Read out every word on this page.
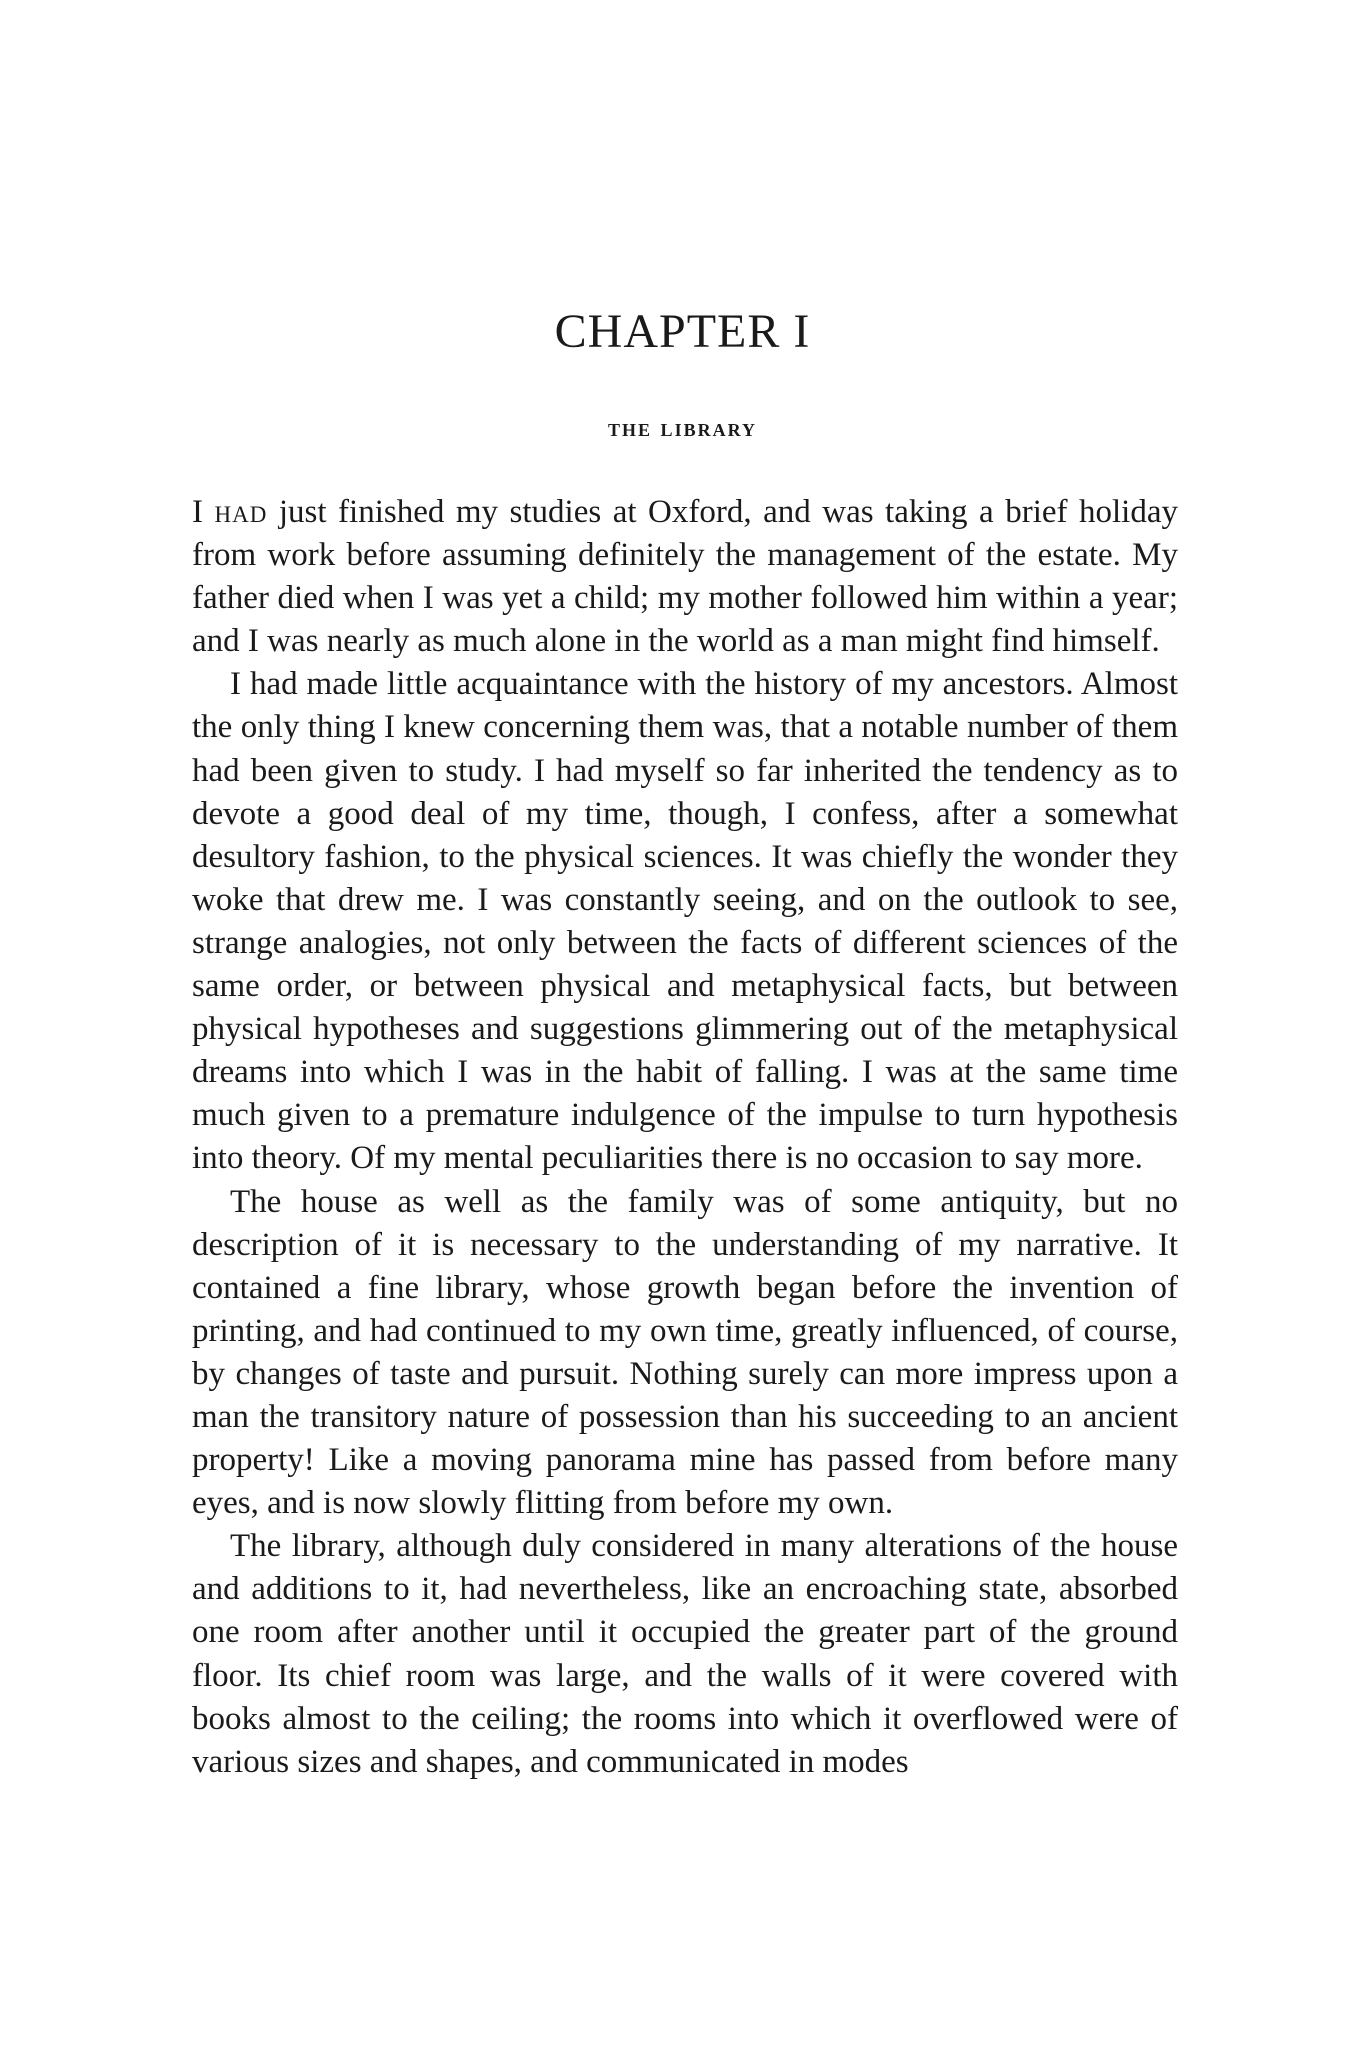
CHAPTER I
the library

I had just finished my studies at Oxford, and was taking a brief holiday from work before assuming definitely the management of the estate. My father died when I was yet a child; my mother followed him within a year; and I was nearly as much alone in the world as a man might find himself.

I had made little acquaintance with the history of my ancestors. Almost the only thing I knew concerning them was, that a notable number of them had been given to study. I had myself so far inherited the tendency as to devote a good deal of my time, though, I confess, after a somewhat desultory fashion, to the physical sciences. It was chiefly the wonder they woke that drew me. I was constantly seeing, and on the outlook to see, strange analogies, not only between the facts of different sciences of the same order, or between physical and metaphysical facts, but between physical hypotheses and suggestions glimmering out of the metaphysical dreams into which I was in the habit of falling. I was at the same time much given to a premature indulgence of the impulse to turn hypothesis into theory. Of my mental peculiarities there is no occasion to say more.

The house as well as the family was of some antiquity, but no description of it is necessary to the understanding of my narrative. It contained a fine library, whose growth began before the invention of printing, and had continued to my own time, greatly influenced, of course, by changes of taste and pursuit. Nothing surely can more impress upon a man the transitory nature of possession than his succeeding to an ancient property! Like a moving panorama mine has passed from before many eyes, and is now slowly flitting from before my own.

The library, although duly considered in many alterations of the house and additions to it, had nevertheless, like an encroaching state, absorbed one room after another until it occupied the greater part of the ground floor. Its chief room was large, and the walls of it were covered with books almost to the ceiling; the rooms into which it overflowed were of various sizes and shapes, and communicated in modes
